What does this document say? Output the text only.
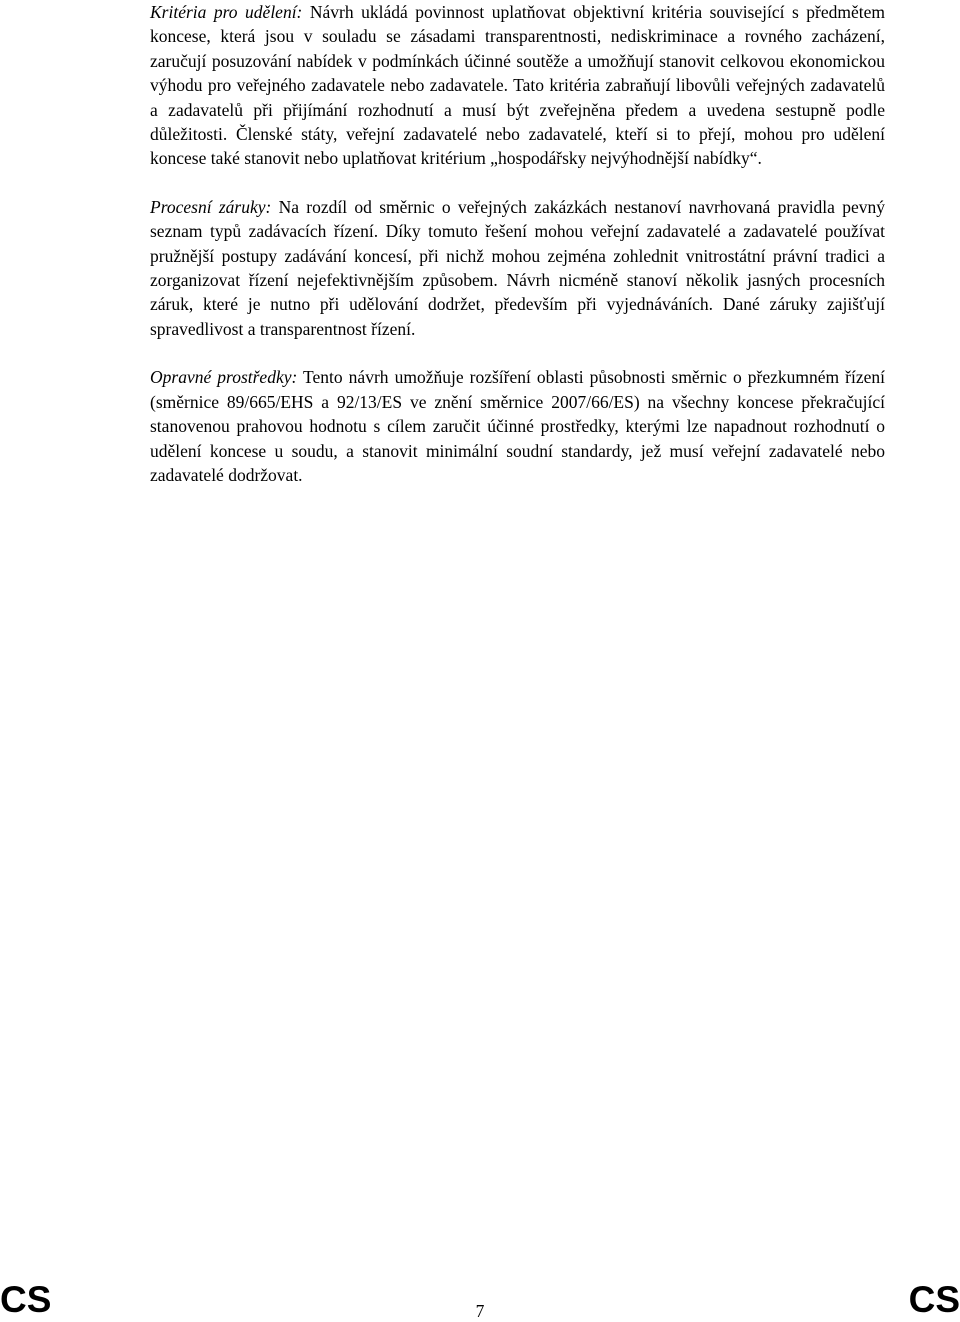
Kritéria pro udělení: Návrh ukládá povinnost uplatňovat objektivní kritéria související s předmětem koncese, která jsou v souladu se zásadami transparentnosti, nediskriminace a rovného zacházení, zaručují posuzování nabídek v podmínkách účinné soutěže a umožňují stanovit celkovou ekonomickou výhodu pro veřejného zadavatele nebo zadavatele. Tato kritéria zabraňují libovůli veřejných zadavatelů a zadavatelů při přijímání rozhodnutí a musí být zveřejněna předem a uvedena sestupně podle důležitosti. Členské státy, veřejní zadavatelé nebo zadavatelé, kteří si to přejí, mohou pro udělení koncese také stanovit nebo uplatňovat kritérium „hospodářsky nejvýhodnější nabídky“.

Procesní záruky: Na rozdíl od směrnic o veřejných zakázkách nestanoví navrhovaná pravidla pevný seznam typů zadávacích řízení. Díky tomuto řešení mohou veřejní zadavatelé a zadavatelé používat pružnější postupy zadávání koncesí, při nichž mohou zejména zohlednit vnitrostátní právní tradici a zorganizovat řízení nejefektivnějším způsobem. Návrh nicméně stanoví několik jasných procesních záruk, které je nutno při udělování dodržet, především při vyjednáváních. Dané záruky zajišťují spravedlivost a transparentnost řízení.

Opravné prostředky: Tento návrh umožňuje rozšíření oblasti působnosti směrnic o přezkumném řízení (směrnice 89/665/EHS a 92/13/ES ve znění směrnice 2007/66/ES) na všechny koncese překračující stanovenou prahovou hodnotu s cílem zaručit účinné prostředky, kterými lze napadnout rozhodnutí o udělení koncese u soudu, a stanovit minimální soudní standardy, jež musí veřejní zadavatelé nebo zadavatelé dodržovat.

CS	7	CS
